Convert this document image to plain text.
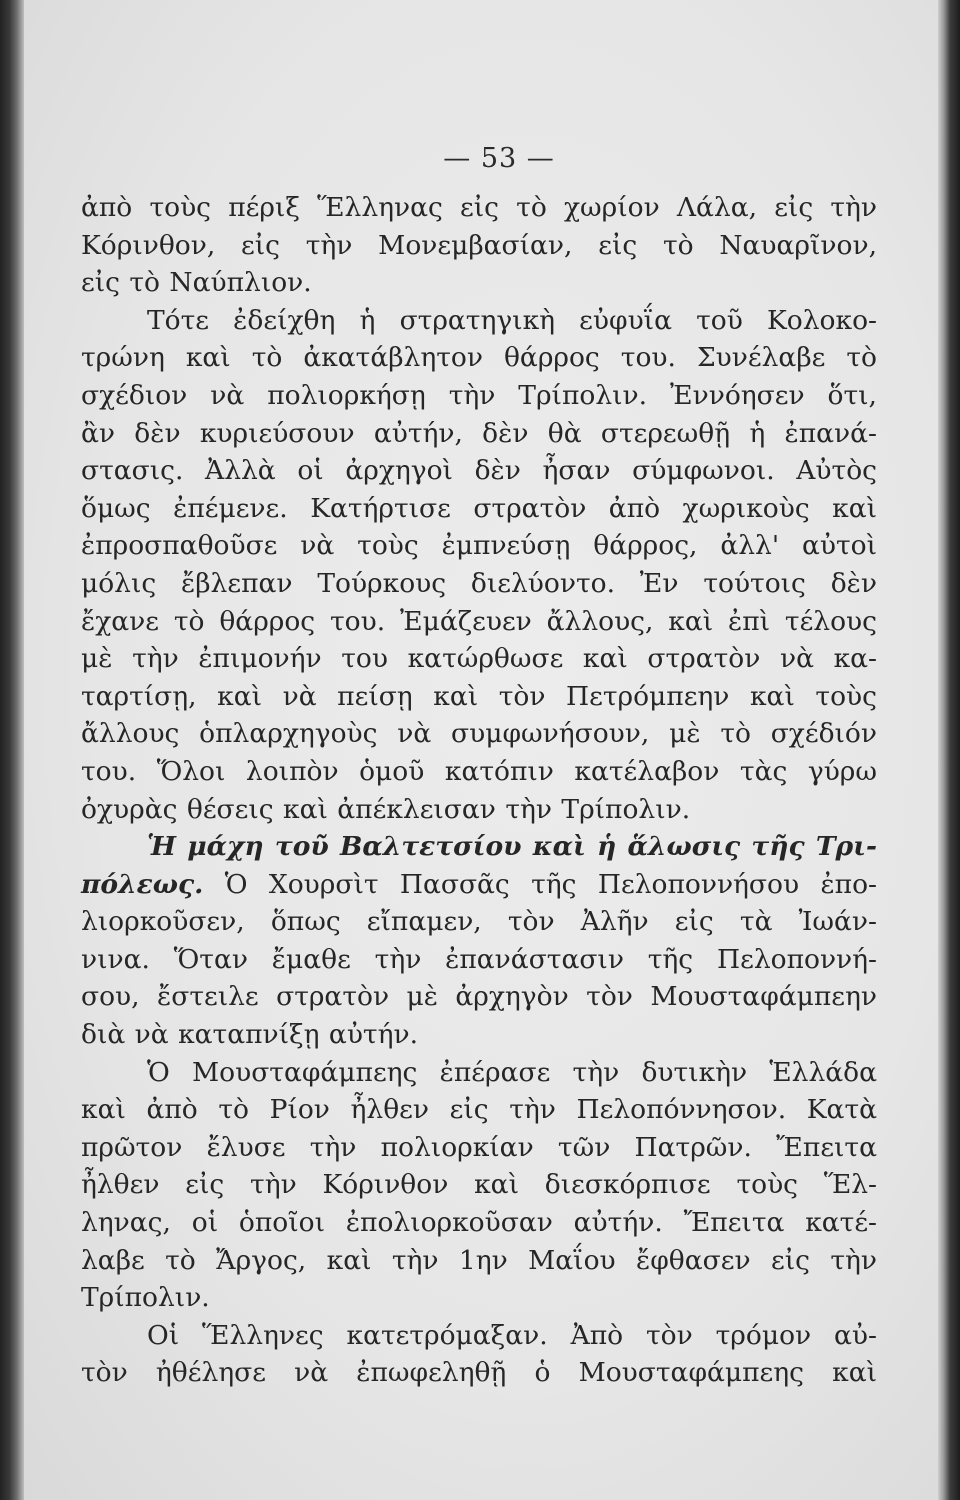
— 53 —
ἀπὸ τοὺς πέριξ Ἕλληνας εἰς τὸ χωρίον Λάλα, εἰς τὴν
Κόρινθον, εἰς τὴν Μονεμβασίαν, εἰς τὸ Ναυαρῖνον,
εἰς τὸ Ναύπλιον.
Τότε ἐδείχθη ἡ στρατηγικὴ εὐφυΐα τοῦ Κολοκο-
τρώνη καὶ τὸ ἀκατάβλητον θάρρος του. Συνέλαβε τὸ
σχέδιον νὰ πολιορκήσῃ τὴν Τρίπολιν. Ἐννόησεν ὅτι,
ἂν δὲν κυριεύσουν αὐτήν, δὲν θὰ στερεωθῇ ἡ ἐπανά-
στασις. Ἀλλὰ οἱ ἀρχηγοὶ δὲν ἦσαν σύμφωνοι. Αὐτὸς
ὅμως ἐπέμενε. Κατήρτισε στρατὸν ἀπὸ χωρικοὺς καὶ
ἐπροσπαθοῦσε νὰ τοὺς ἐμπνεύσῃ θάρρος, ἀλλ' αὐτοὶ
μόλις ἔβλεπαν Τούρκους διελύοντο. Ἐν τούτοις δὲν
ἔχανε τὸ θάρρος του. Ἐμάζευεν ἄλλους, καὶ ἐπὶ τέλους
μὲ τὴν ἐπιμονήν του κατώρθωσε καὶ στρατὸν νὰ κα-
ταρτίσῃ, καὶ νὰ πείσῃ καὶ τὸν Πετρόμπεην καὶ τοὺς
ἄλλους ὁπλαρχηγοὺς νὰ συμφωνήσουν, μὲ τὸ σχέδιόν
του. Ὅλοι λοιπὸν ὁμοῦ κατόπιν κατέλαβον τὰς γύρω
ὀχυρὰς θέσεις καὶ ἀπέκλεισαν τὴν Τρίπολιν.
Ἡ μάχη τοῦ Βαλτετσίου καὶ ἡ ἅλωσις τῆς Τρι-
πόλεως. Ὁ Χουρσὶτ Πασσᾶς τῆς Πελοποννήσου ἐπο-
λιορκοῦσεν, ὅπως εἴπαμεν, τὸν Ἀλῆν εἰς τὰ Ἰωάν-
νινα. Ὅταν ἔμαθε τὴν ἐπανάστασιν τῆς Πελοποννή-
σου, ἔστειλε στρατὸν μὲ ἀρχηγὸν τὸν Μουσταφάμπεην
διὰ νὰ καταπνίξῃ αὐτήν.
Ὁ Μουσταφάμπεης ἐπέρασε τὴν δυτικὴν Ἑλλάδα
καὶ ἀπὸ τὸ Ρίον ἦλθεν εἰς τὴν Πελοπόννησον. Κατὰ
πρῶτον ἔλυσε τὴν πολιορκίαν τῶν Πατρῶν. Ἔπειτα
ἦλθεν εἰς τὴν Κόρινθον καὶ διεσκόρπισε τοὺς Ἕλ-
ληνας, οἱ ὁποῖοι ἐπολιορκοῦσαν αὐτήν. Ἔπειτα κατέ-
λαβε τὸ Ἄργος, καὶ τὴν 1ην Μαΐου ἔφθασεν εἰς τὴν
Τρίπολιν.
Οἱ Ἕλληνες κατετρόμαξαν. Ἀπὸ τὸν τρόμον αὐ-
τὸν ἠθέλησε νὰ ἐπωφεληθῇ ὁ Μουσταφάμπεης καὶ
